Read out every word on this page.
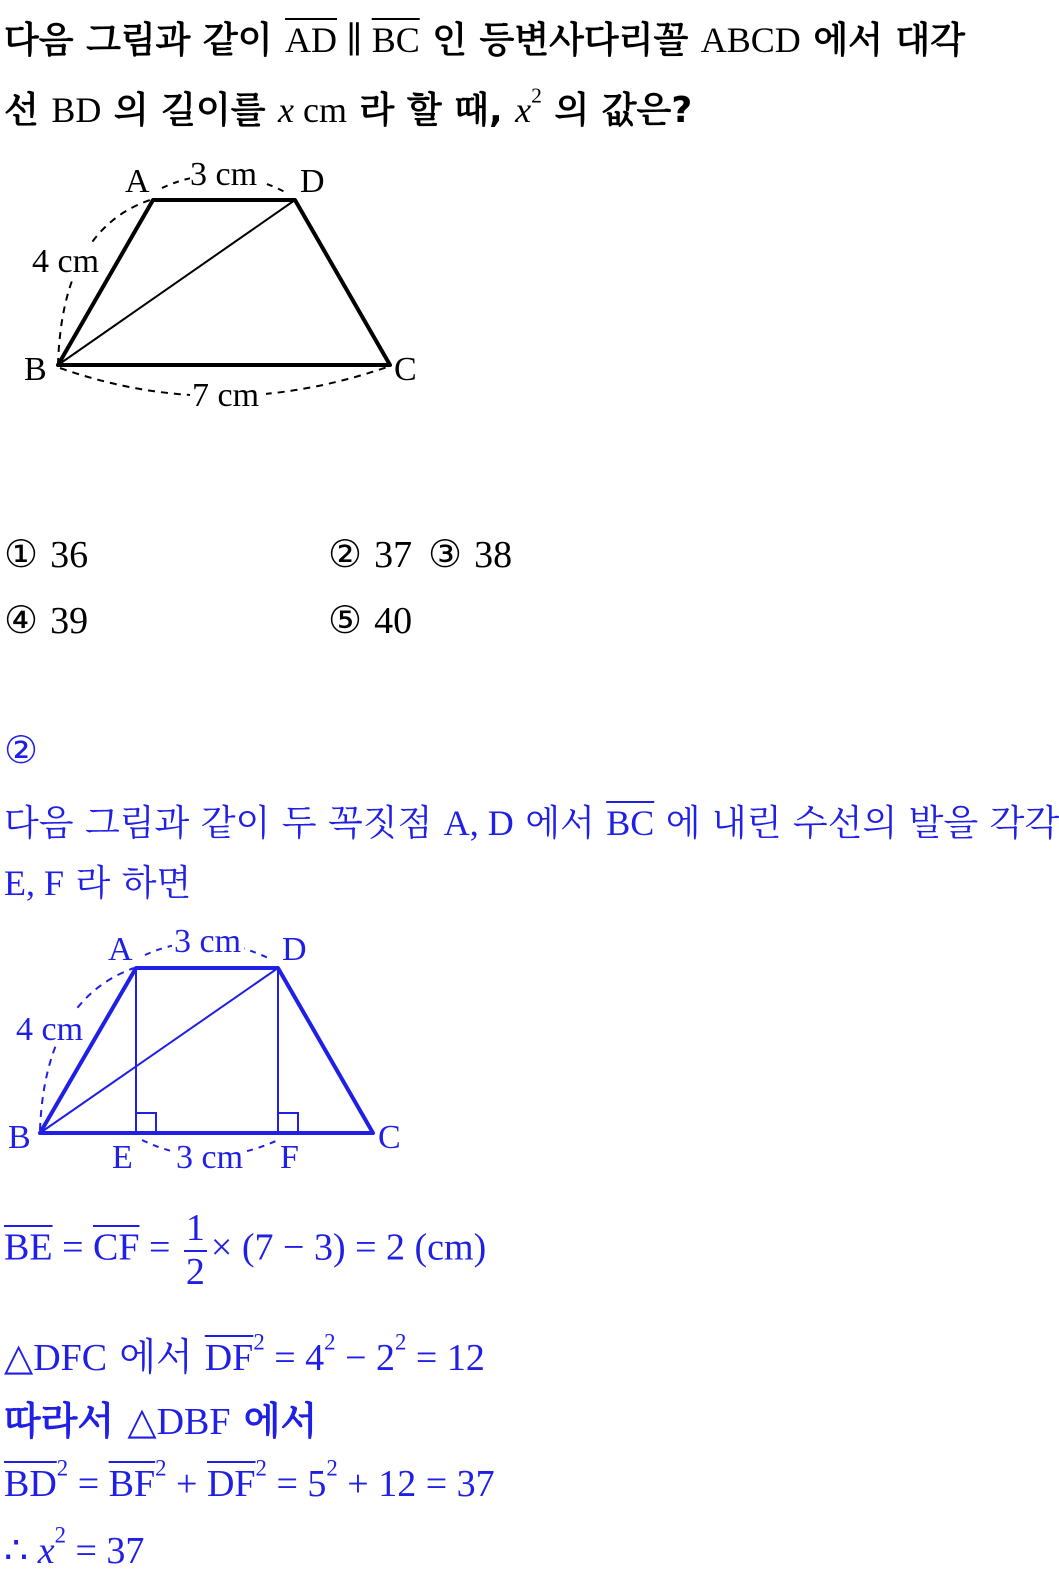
다음 그림과 같이 $\overline{AD}$ ∥ $\overline{BC}$ 인 등변사다리꼴 ABCD 에서 대각
선 BD 의 길이를 x cm 라 할 때, $x^2$ 의 값은?
A	D
B	C
3 cm
4 cm
7 cm
① 36	② 37 ③ 38
④ 39	⑤ 40
②
다음 그림과 같이 두 꼭짓점 A, D 에서 $\overline{BC}$ 에 내린 수선의 발을 각각
E, F 라 하면
A	D
B	C
E	F
3 cm
4 cm
3 cm
$\overline{BE} = \overline{CF} = \frac{1}{2} \times (7 - 3) = 2$ (cm)
△DFC 에서 $\overline{DF}^2 = 4^2 - 2^2 = 12$
따라서 △DBF 에서
$\overline{BD}^2 = \overline{BF}^2 + \overline{DF}^2 = 5^2 + 12 = 37$
∴ $x^2 = 37$
